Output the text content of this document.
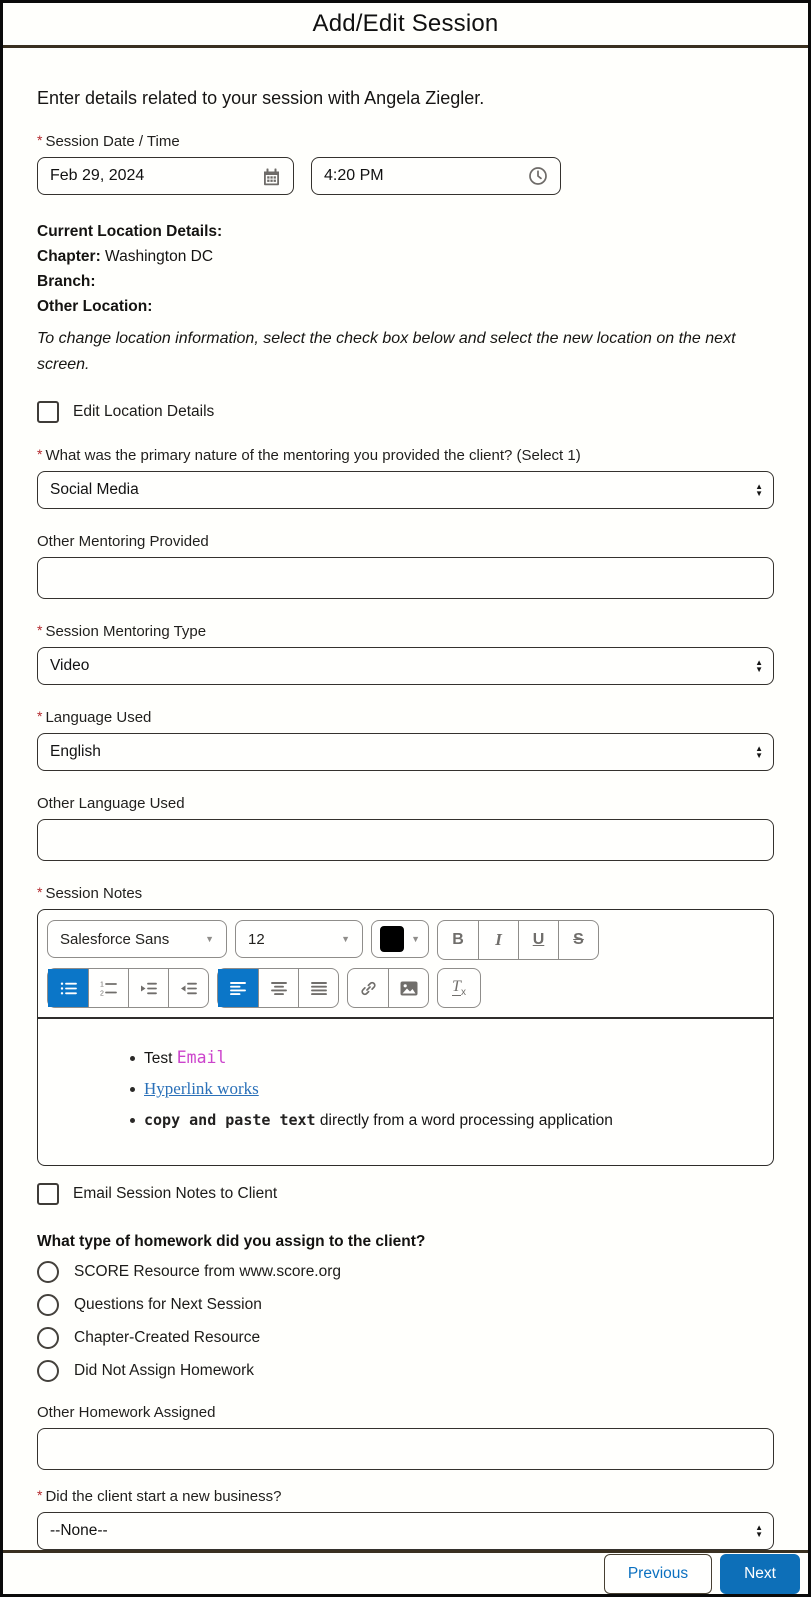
Add/Edit Session
Enter details related to your session with Angela Ziegler.
* Session Date / Time
Feb 29, 2024
4:20 PM
Current Location Details:
Chapter: Washington DC
Branch:
Other Location:
To change location information, select the check box below and select the new location on the next screen.
Edit Location Details
* What was the primary nature of the mentoring you provided the client? (Select 1)
Social Media	▲
▼
Other Mentoring Provided
* Session Mentoring Type
Video	▲
▼
* Language Used
English	▲
▼
Other Language Used
* Session Notes
Salesforce Sans	▼ 12	▼	▼ B I U S
1
2	$T_x$
Test Email
Hyperlink works
copy and paste text directly from a word processing application
Email Session Notes to Client
What type of homework did you assign to the client?
SCORE Resource from www.score.org
Questions for Next Session
Chapter-Created Resource
Did Not Assign Homework
Other Homework Assigned
* Did the client start a new business?
--None--	▲
▼
Previous	Next
